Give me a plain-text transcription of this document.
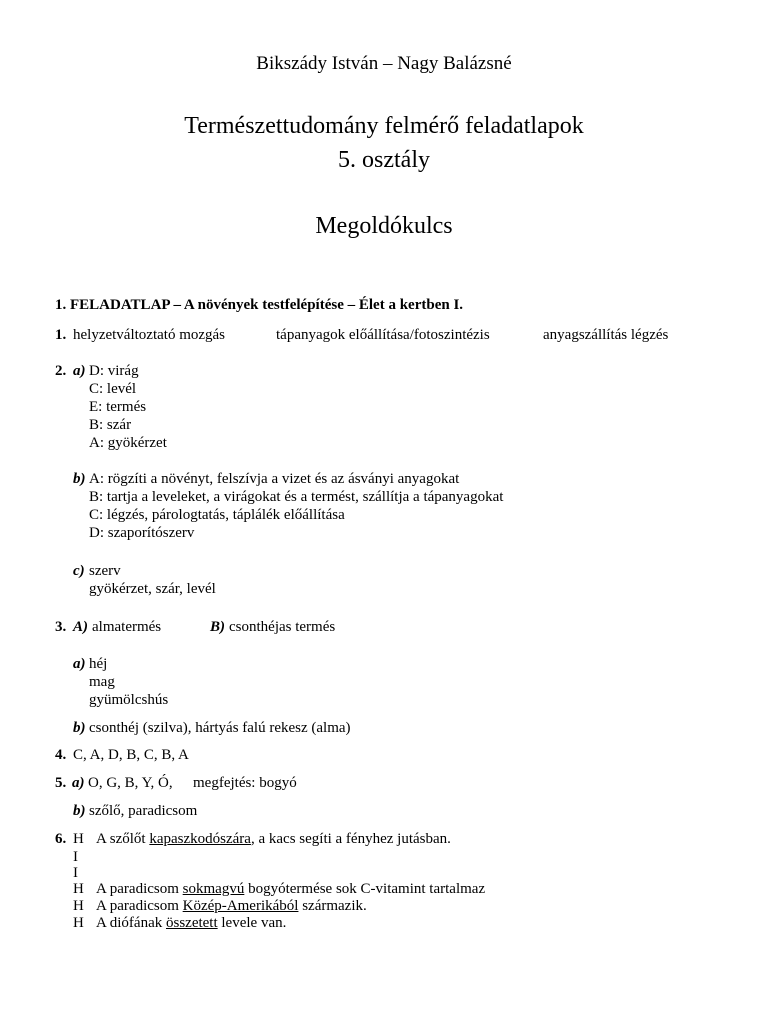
Bikszády István – Nagy Balázsné
Természettudomány felmérő feladatlapok
5. osztály
Megoldókulcs
1. FELADATLAP – A növények testfelépítése – Élet a kertben I.
1. helyzetváltoztató mozgás	tápanyagok előállítása/fotoszintézis	anyagszállítás légzés
2. a) D: virág
C: levél
E: termés
B: szár
A: gyökérzet
b) A: rögzíti a növényt, felszívja a vizet és az ásványi anyagokat
B: tartja a leveleket, a virágokat és a termést, szállítja a tápanyagokat
C: légzés, párologtatás, táplálék előállítása
D: szaporítószerv
c) szerv
gyökérzet, szár, levél
3. A) almatermés	B) csonthéjas termés
a) héj
mag
gyümölcshús
b) csonthéj (szilva), hártyás falú rekesz (alma)
4. C, A, D, B, C, B, A
5. a) O, G, B, Y, Ó, megfejtés: bogyó
b) szőlő, paradicsom
6. H A szőlőt kapaszkodószára, a kacs segíti a fényhez jutásban.
I
I
H A paradicsom sokmagvú bogyótermése sok C-vitamint tartalmaz
H A paradicsom Közép-Amerikából származik.
H A diófának összetett levele van.
